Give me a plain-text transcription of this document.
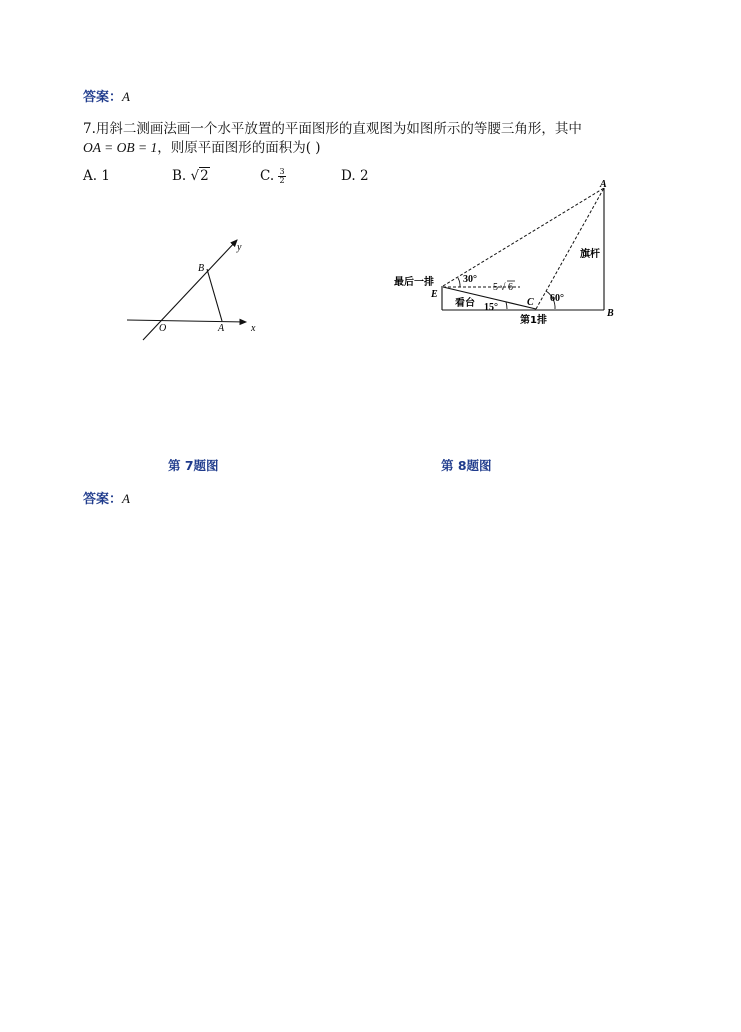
答案：A
7.用斜二测画法画一个水平放置的平面图形的直观图为如图所示的等腰三角形，其中
OA = OB = 1，则原平面图形的面积为( )
A. 1	B. √2	C. $\frac{3}{2}$	D. 2
y
x
B
O	A
A
B
C
E
最后一排	30°
60°
15°
5 √ 6
看台
第1排
旗杆
第 7题图	第 8题图
答案：A
